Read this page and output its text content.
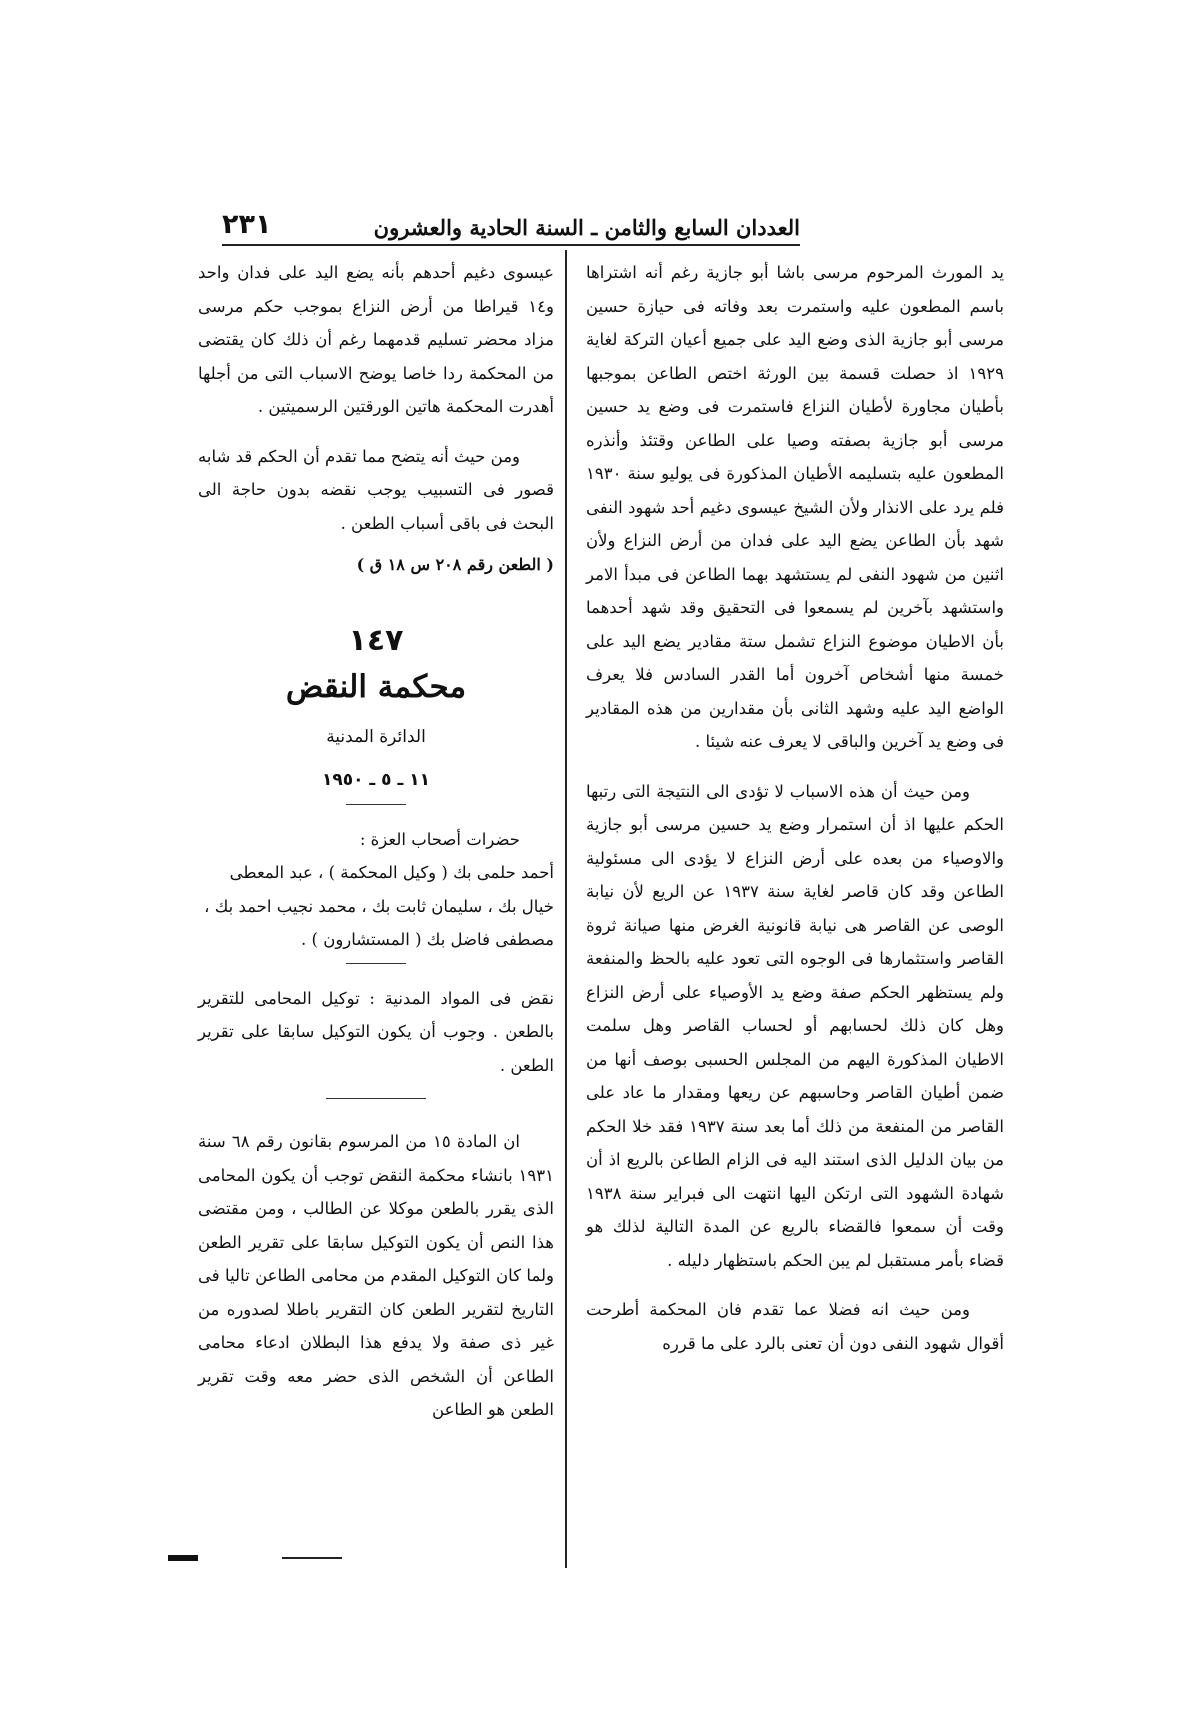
العددان السابع والثامن ـ السنة الحادية والعشرون
٢٣١

يد المورث المرحوم مرسى باشا أبو جازية رغم أنه اشتراها باسم المطعون عليه واستمرت بعد وفاته فى حيازة حسين مرسى أبو جازية الذى وضع اليد على جميع أعيان التركة لغاية ١٩٢٩ اذ حصلت قسمة بين الورثة اختص الطاعن بموجبها بأطيان مجاورة لأطيان النزاع فاستمرت فى وضع يد حسين مرسى أبو جازية بصفته وصيا على الطاعن وقتئذ وأنذره المطعون عليه بتسليمه الأطيان المذكورة فى يوليو سنة ١٩٣٠ فلم يرد على الانذار ولأن الشيخ عيسوى دغيم أحد شهود النفى شهد بأن الطاعن يضع اليد على فدان من أرض النزاع ولأن اثنين من شهود النفى لم يستشهد بهما الطاعن فى مبدأ الامر واستشهد بآخرين لم يسمعوا فى التحقيق وقد شهد أحدهما بأن الاطيان موضوع النزاع تشمل ستة مقادير يضع اليد على خمسة منها أشخاص آخرون أما القدر السادس فلا يعرف الواضع اليد عليه وشهد الثانى بأن مقدارين من هذه المقادير فى وضع يد آخرين والباقى لا يعرف عنه شيئا .

ومن حيث أن هذه الاسباب لا تؤدى الى النتيجة التى رتبها الحكم عليها اذ أن استمرار وضع يد حسين مرسى أبو جازية والاوصياء من بعده على أرض النزاع لا يؤدى الى مسئولية الطاعن وقد كان قاصر لغاية سنة ١٩٣٧ عن الريع لأن نيابة الوصى عن القاصر هى نيابة قانونية الغرض منها صيانة ثروة القاصر واستثمارها فى الوجوه التى تعود عليه بالحظ والمنفعة ولم يستظهر الحكم صفة وضع يد الأوصياء على أرض النزاع وهل كان ذلك لحسابهم أو لحساب القاصر وهل سلمت الاطيان المذكورة اليهم من المجلس الحسبى بوصف أنها من ضمن أطيان القاصر وحاسبهم عن ريعها ومقدار ما عاد على القاصر من المنفعة من ذلك أما بعد سنة ١٩٣٧ فقد خلا الحكم من بيان الدليل الذى استند اليه فى الزام الطاعن بالريع اذ أن شهادة الشهود التى ارتكن اليها انتهت الى فبراير سنة ١٩٣٨ وقت أن سمعوا فالقضاء بالريع عن المدة التالية لذلك هو قضاء بأمر مستقبل لم يبن الحكم باستظهار دليله .

ومن حيث انه فضلا عما تقدم فان المحكمة أطرحت أقوال شهود النفى دون أن تعنى بالرد على ما قرره

عيسوى دغيم أحدهم بأنه يضع اليد على فدان واحد و١٤ قيراطا من أرض النزاع بموجب حكم مرسى مزاد محضر تسليم قدمهما رغم أن ذلك كان يقتضى من المحكمة ردا خاصا يوضح الاسباب التى من أجلها أهدرت المحكمة هاتين الورقتين الرسميتين .

ومن حيث أنه يتضح مما تقدم أن الحكم قد شابه قصور فى التسبيب يوجب نقضه بدون حاجة الى البحث فى باقى أسباب الطعن .

( الطعن رقم ٢٠٨ س ١٨ ق )

١٤٧
محكمة النقض
الدائرة المدنية
١١ ـ ٥ ـ ١٩٥٠

حضرات أصحاب العزة :

أحمد حلمى بك ( وكيل المحكمة ) ، عبد المعطى

خيال بك ، سليمان ثابت بك ، محمد نجيب احمد بك ،

مصطفى فاضل بك ( المستشارون ) .

نقض فى المواد المدنية : توكيل المحامى للتقرير بالطعن . وجوب أن يكون التوكيل سابقا على تقرير الطعن .

ان المادة ١٥ من المرسوم بقانون رقم ٦٨ سنة ١٩٣١ بانشاء محكمة النقض توجب أن يكون المحامى الذى يقرر بالطعن موكلا عن الطالب ، ومن مقتضى هذا النص أن يكون التوكيل سابقا على تقرير الطعن ولما كان التوكيل المقدم من محامى الطاعن تاليا فى التاريخ لتقرير الطعن كان التقرير باطلا لصدوره من غير ذى صفة ولا يدفع هذا البطلان ادعاء محامى الطاعن أن الشخص الذى حضر معه وقت تقرير الطعن هو الطاعن
